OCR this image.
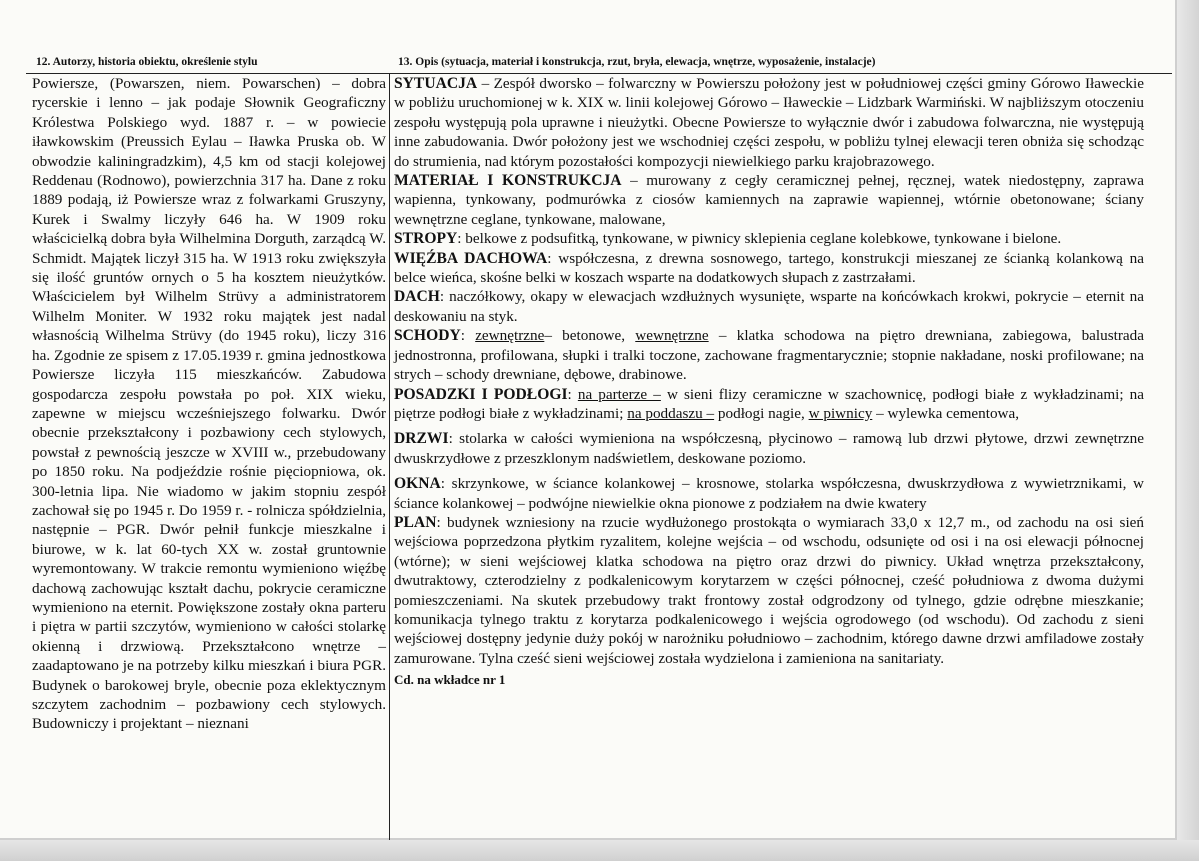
12. Autorzy, historia obiektu, określenie stylu	13. Opis (sytuacja, materiał i konstrukcja, rzut, bryła, elewacja, wnętrze, wyposażenie, instalacje)
Powiersze, (Powarszen, niem. Powarschen) – dobra rycerskie i lenno – jak podaje Słownik Geograficzny Królestwa Polskiego wyd. 1887 r. – w powiecie iławkowskim (Preussich Eylau – Iławka Pruska ob. W obwodzie kaliningradzkim), 4,5 km od stacji kolejowej Reddenau (Rodnowo), powierzchnia 317 ha. Dane z roku 1889 podają, iż Powiersze wraz z folwarkami Gruszyny, Kurek i Swalmy liczyły 646 ha. W 1909 roku właścicielką dobra była Wilhelmina Dorguth, zarządcą W. Schmidt. Majątek liczył 315 ha. W 1913 roku zwiększyła się ilość gruntów ornych o 5 ha kosztem nieużytków. Właścicielem był Wilhelm Strüvy a administratorem Wilhelm Moniter. W 1932 roku majątek jest nadal własnością Wilhelma Strüvy (do 1945 roku), liczy 316 ha. Zgodnie ze spisem z 17.05.1939 r. gmina jednostkowa Powiersze liczyła 115 mieszkańców. Zabudowa gospodarcza zespołu powstała po poł. XIX wieku, zapewne w miejscu wcześniejszego folwarku. Dwór obecnie przekształcony i pozbawiony cech stylowych, powstał z pewnością jeszcze w XVIII w., przebudowany po 1850 roku. Na podjeździe rośnie pięciopniowa, ok. 300-letnia lipa. Nie wiadomo w jakim stopniu zespół zachował się po 1945 r. Do 1959 r. - rolnicza spółdzielnia, następnie – PGR. Dwór pełnił funkcje mieszkalne i biurowe, w k. lat 60-tych XX w. został gruntownie wyremontowany. W trakcie remontu wymieniono więźbę dachową zachowując kształt dachu, pokrycie ceramiczne wymieniono na eternit. Powiększone zostały okna parteru i piętra w partii szczytów, wymieniono w całości stolarkę okienną i drzwiową. Przekształcono wnętrze – zaadaptowano je na potrzeby kilku mieszkań i biura PGR. Budynek o barokowej bryle, obecnie poza eklektycznym szczytem zachodnim – pozbawiony cech stylowych. Budowniczy i projektant – nieznani

SYTUACJA – Zespół dworsko – folwarczny w Powierszu położony jest w południowej części gminy Górowo Iławeckie w pobliżu uruchomionej w k. XIX w. linii kolejowej Górowo – Iławeckie – Lidzbark Warmiński. W najbliższym otoczeniu zespołu występują pola uprawne i nieużytki. Obecne Powiersze to wyłącznie dwór i zabudowa folwarczna, nie występują inne zabudowania. Dwór położony jest we wschodniej części zespołu, w pobliżu tylnej elewacji teren obniża się schodząc do strumienia, nad którym pozostałości kompozycji niewielkiego parku krajobrazowego.

MATERIAŁ I KONSTRUKCJA – murowany z cegły ceramicznej pełnej, ręcznej, watek niedostępny, zaprawa wapienna, tynkowany, podmurówka z ciosów kamiennych na zaprawie wapiennej, wtórnie obetonowane; ściany wewnętrzne ceglane, tynkowane, malowane,

STROPY: belkowe z podsufitką, tynkowane, w piwnicy sklepienia ceglane kolebkowe, tynkowane i bielone.

WIĘŹBA DACHOWA: współczesna, z drewna sosnowego, tartego, konstrukcji mieszanej ze ścianką kolankową na belce wieńca, skośne belki w koszach wsparte na dodatkowych słupach z zastrzałami.

DACH: naczółkowy, okapy w elewacjach wzdłużnych wysunięte, wsparte na końcówkach krokwi, pokrycie – eternit na deskowaniu na styk.

SCHODY: zewnętrzne– betonowe, wewnętrzne – klatka schodowa na piętro drewniana, zabiegowa, balustrada jednostronna, profilowana, słupki i tralki toczone, zachowane fragmentarycznie; stopnie nakładane, noski profilowane; na strych – schody drewniane, dębowe, drabinowe.

POSADZKI I PODŁOGI: na parterze – w sieni flizy ceramiczne w szachownicę, podłogi białe z wykładzinami; na piętrze podłogi białe z wykładzinami; na poddaszu – podłogi nagie, w piwnicy – wylewka cementowa,

DRZWI: stolarka w całości wymieniona na współczesną, płycinowo – ramową lub drzwi płytowe, drzwi zewnętrzne dwuskrzydłowe z przeszklonym nadświetlem, deskowane poziomo.

OKNA: skrzynkowe, w ściance kolankowej – krosnowe, stolarka współczesna, dwuskrzydłowa z wywietrznikami, w ściance kolankowej – podwójne niewielkie okna pionowe z podziałem na dwie kwatery

PLAN: budynek wzniesiony na rzucie wydłużonego prostokąta o wymiarach 33,0 x 12,7 m., od zachodu na osi sień wejściowa poprzedzona płytkim ryzalitem, kolejne wejścia – od wschodu, odsunięte od osi i na osi elewacji północnej (wtórne); w sieni wejściowej klatka schodowa na piętro oraz drzwi do piwnicy. Układ wnętrza przekształcony, dwutraktowy, czterodzielny z podkalenicowym korytarzem w części północnej, cześć południowa z dwoma dużymi pomieszczeniami. Na skutek przebudowy trakt frontowy został odgrodzony od tylnego, gdzie odrębne mieszkanie; komunikacja tylnego traktu z korytarza podkalenicowego i wejścia ogrodowego (od wschodu). Od zachodu z sieni wejściowej dostępny jedynie duży pokój w narożniku południowo – zachodnim, którego dawne drzwi amfiladowe zostały zamurowane. Tylna cześć sieni wejściowej została wydzielona i zamieniona na sanitariaty.

Cd. na wkładce nr 1
